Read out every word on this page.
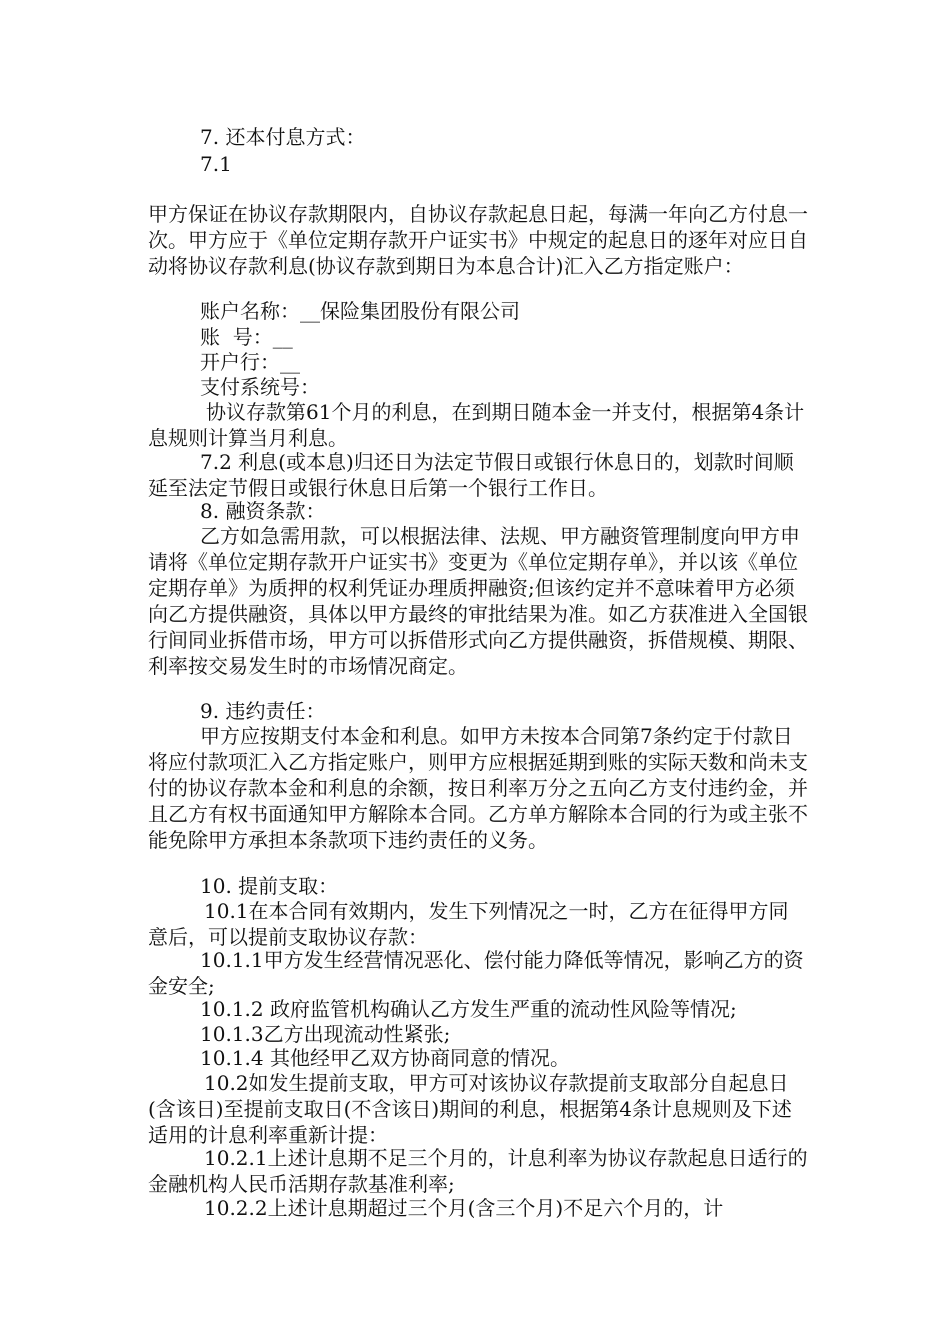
7. 还本付息方式：
7.1
甲方保证在协议存款期限内，自协议存款起息日起，每满一年向乙方付息一次。甲方应于《单位定期存款开户证实书》中规定的起息日的逐年对应日自动将协议存款利息(协议存款到期日为本息合计)汇入乙方指定账户：
账户名称：__保险集团股份有限公司
账  号：__
开户行：__
支付系统号：
协议存款第61个月的利息，在到期日随本金一并支付，根据第4条计息规则计算当月利息。
7.2 利息(或本息)归还日为法定节假日或银行休息日的，划款时间顺延至法定节假日或银行休息日后第一个银行工作日。
8. 融资条款：
乙方如急需用款，可以根据法律、法规、甲方融资管理制度向甲方申请将《单位定期存款开户证实书》变更为《单位定期存单》，并以该《单位定期存单》为质押的权利凭证办理质押融资;但该约定并不意味着甲方必须向乙方提供融资，具体以甲方最终的审批结果为准。如乙方获准进入全国银行间同业拆借市场，甲方可以拆借形式向乙方提供融资，拆借规模、期限、利率按交易发生时的市场情况商定。
9. 违约责任：
甲方应按期支付本金和利息。如甲方未按本合同第7条约定于付款日将应付款项汇入乙方指定账户，则甲方应根据延期到账的实际天数和尚未支付的协议存款本金和利息的余额，按日利率万分之五向乙方支付违约金，并且乙方有权书面通知甲方解除本合同。乙方单方解除本合同的行为或主张不能免除甲方承担本条款项下违约责任的义务。
10. 提前支取：
10.1在本合同有效期内，发生下列情况之一时，乙方在征得甲方同意后，可以提前支取协议存款：
10.1.1甲方发生经营情况恶化、偿付能力降低等情况，影响乙方的资金安全;
10.1.2 政府监管机构确认乙方发生严重的流动性风险等情况;
10.1.3乙方出现流动性紧张;
10.1.4 其他经甲乙双方协商同意的情况。
10.2如发生提前支取，甲方可对该协议存款提前支取部分自起息日(含该日)至提前支取日(不含该日)期间的利息，根据第4条计息规则及下述适用的计息利率重新计提：
10.2.1上述计息期不足三个月的，计息利率为协议存款起息日适行的金融机构人民币活期存款基准利率;
10.2.2上述计息期超过三个月(含三个月)不足六个月的，计
